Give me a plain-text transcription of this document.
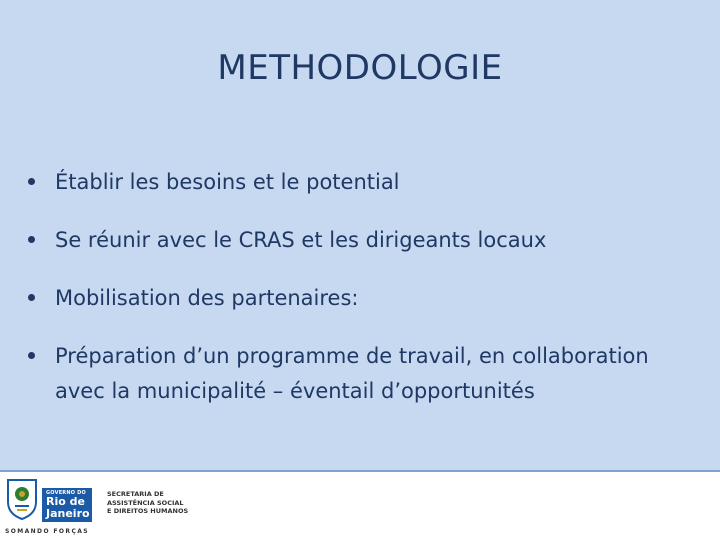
METHODOLOGIE
Établir les besoins et le potential
Se réunir avec le CRAS et les dirigeants locaux
Mobilisation des partenaires:
Préparation d’un programme de travail, en collaboration avec la municipalité – éventail d’opportunités
GOVERNO DO
Rio de
Janeiro
SECRETARIA DE
ASSISTÊNCIA SOCIAL
E DIREITOS HUMANOS
SOMANDO FORÇAS
